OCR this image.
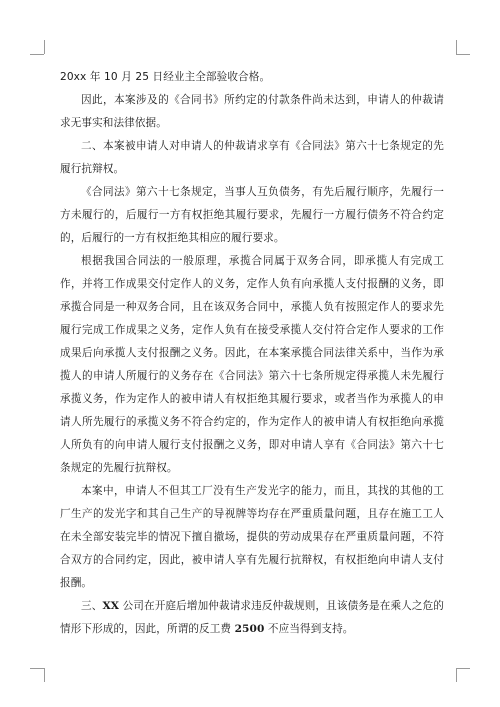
20xx 年 10 月 25 日经业主全部验收合格。

因此，本案涉及的《合同书》所约定的付款条件尚未达到，申请人的仲裁请求无事实和法律依据。

二、本案被申请人对申请人的仲裁请求享有《合同法》第六十七条规定的先履行抗辩权。

《合同法》第六十七条规定，当事人互负债务，有先后履行顺序，先履行一方未履行的，后履行一方有权拒绝其履行要求，先履行一方履行债务不符合约定的，后履行的一方有权拒绝其相应的履行要求。

根据我国合同法的一般原理，承揽合同属于双务合同，即承揽人有完成工作，并将工作成果交付定作人的义务，定作人负有向承揽人支付报酬的义务，即承揽合同是一种双务合同，且在该双务合同中，承揽人负有按照定作人的要求先履行完成工作成果之义务，定作人负有在接受承揽人交付符合定作人要求的工作成果后向承揽人支付报酬之义务。因此，在本案承揽合同法律关系中，当作为承揽人的申请人所履行的义务存在《合同法》第六十七条所规定得承揽人未先履行承揽义务，作为定作人的被申请人有权拒绝其履行要求，或者当作为承揽人的申请人所先履行的承揽义务不符合约定的，作为定作人的被申请人有权拒绝向承揽人所负有的向申请人履行支付报酬之义务，即对申请人享有《合同法》第六十七条规定的先履行抗辩权。

本案中，申请人不但其工厂没有生产发光字的能力，而且，其找的其他的工厂生产的发光字和其自己生产的导视牌等均存在严重质量问题，且存在施工工人在未全部安装完毕的情况下擅自撤场，提供的劳动成果存在严重质量问题，不符合双方的合同约定，因此，被申请人享有先履行抗辩权，有权拒绝向申请人支付报酬。

三、XX 公司在开庭后增加仲裁请求违反仲裁规则，且该债务是在乘人之危的情形下形成的，因此，所谓的反工费 2500 不应当得到支持。
